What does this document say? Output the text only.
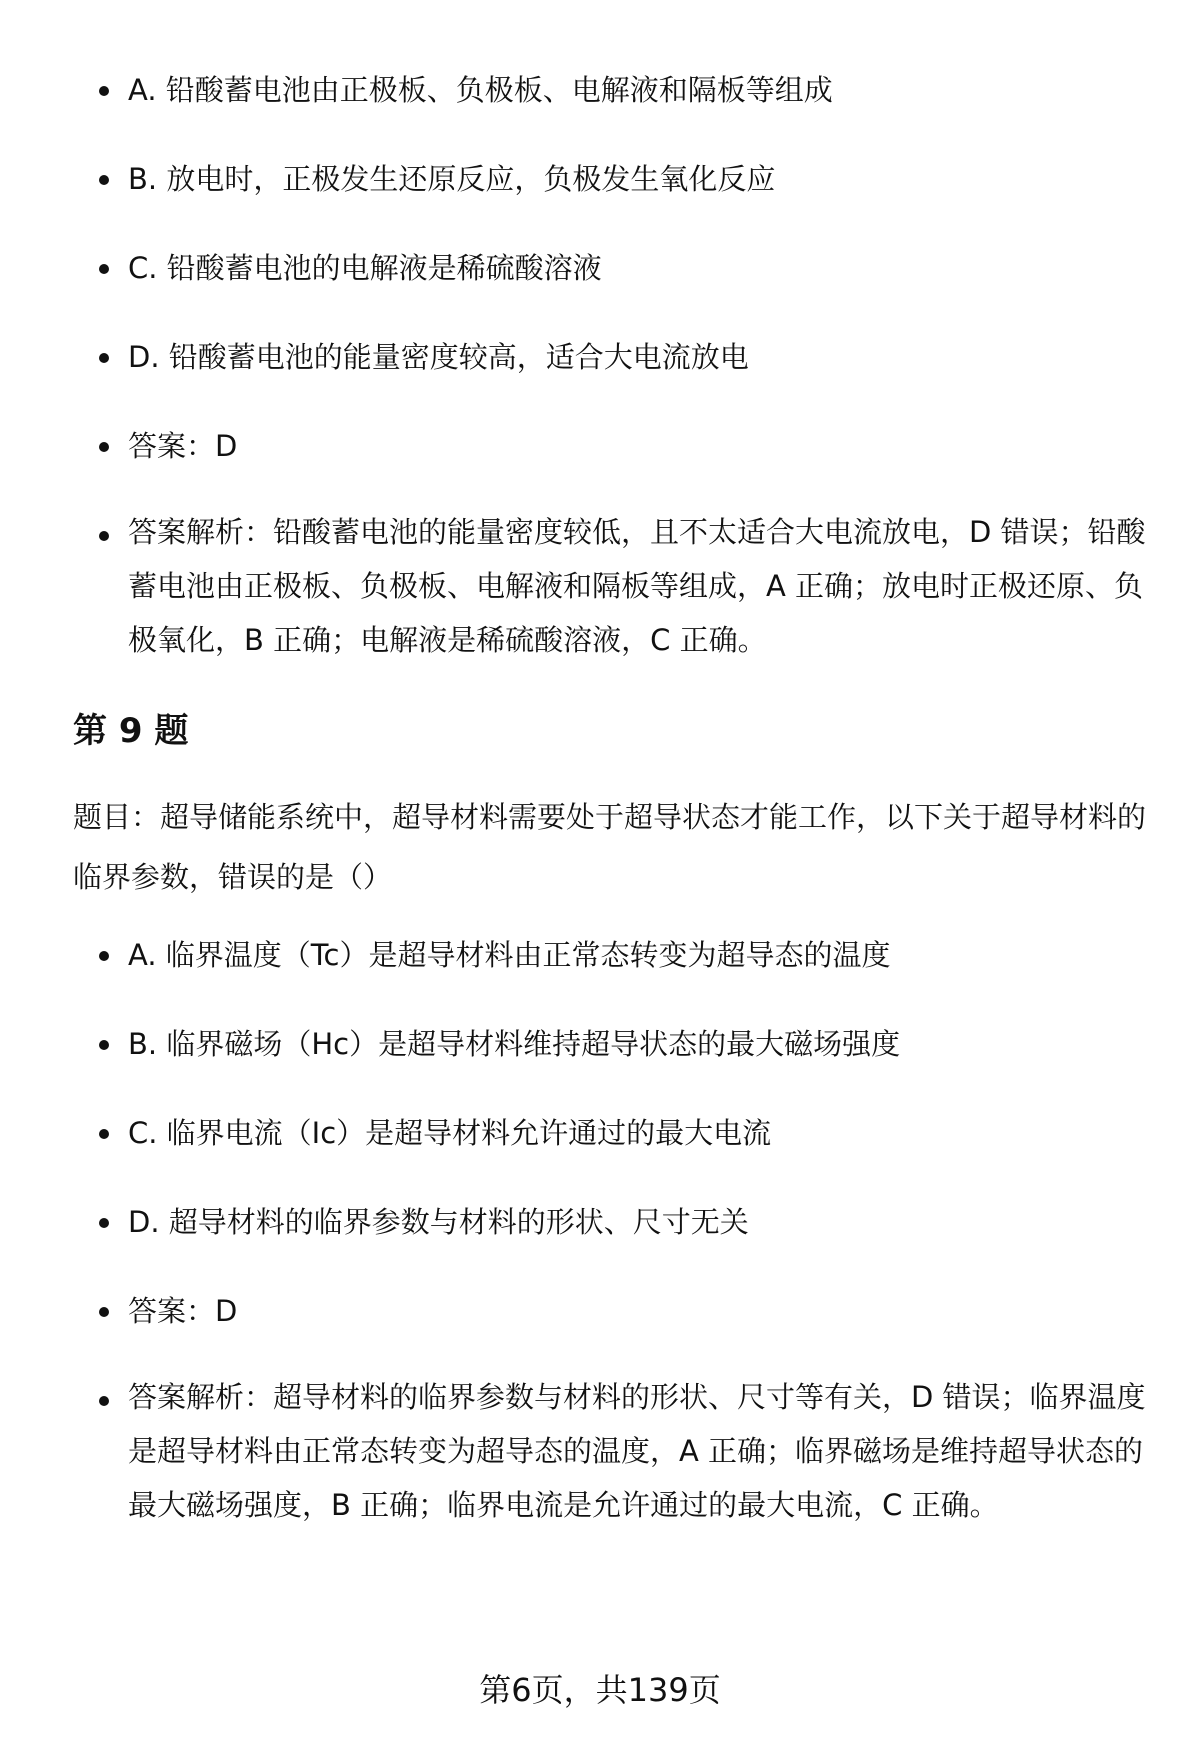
A. 铅酸蓄电池由正极板、负极板、电解液和隔板等组成
B. 放电时，正极发生还原反应，负极发生氧化反应
C. 铅酸蓄电池的电解液是稀硫酸溶液
D. 铅酸蓄电池的能量密度较高，适合大电流放电
答案：D
答案解析：铅酸蓄电池的能量密度较低，且不太适合大电流放电，D 错误；铅酸蓄电池由正极板、负极板、电解液和隔板等组成，A 正确；放电时正极还原、负极氧化，B 正确；电解液是稀硫酸溶液，C 正确。
第 9 题
题目：超导储能系统中，超导材料需要处于超导状态才能工作，以下关于超导材料的临界参数，错误的是（）
A. 临界温度（Tc）是超导材料由正常态转变为超导态的温度
B. 临界磁场（Hc）是超导材料维持超导状态的最大磁场强度
C. 临界电流（Ic）是超导材料允许通过的最大电流
D. 超导材料的临界参数与材料的形状、尺寸无关
答案：D
答案解析：超导材料的临界参数与材料的形状、尺寸等有关，D 错误；临界温度是超导材料由正常态转变为超导态的温度，A 正确；临界磁场是维持超导状态的最大磁场强度，B 正确；临界电流是允许通过的最大电流，C 正确。
第6页，共139页
